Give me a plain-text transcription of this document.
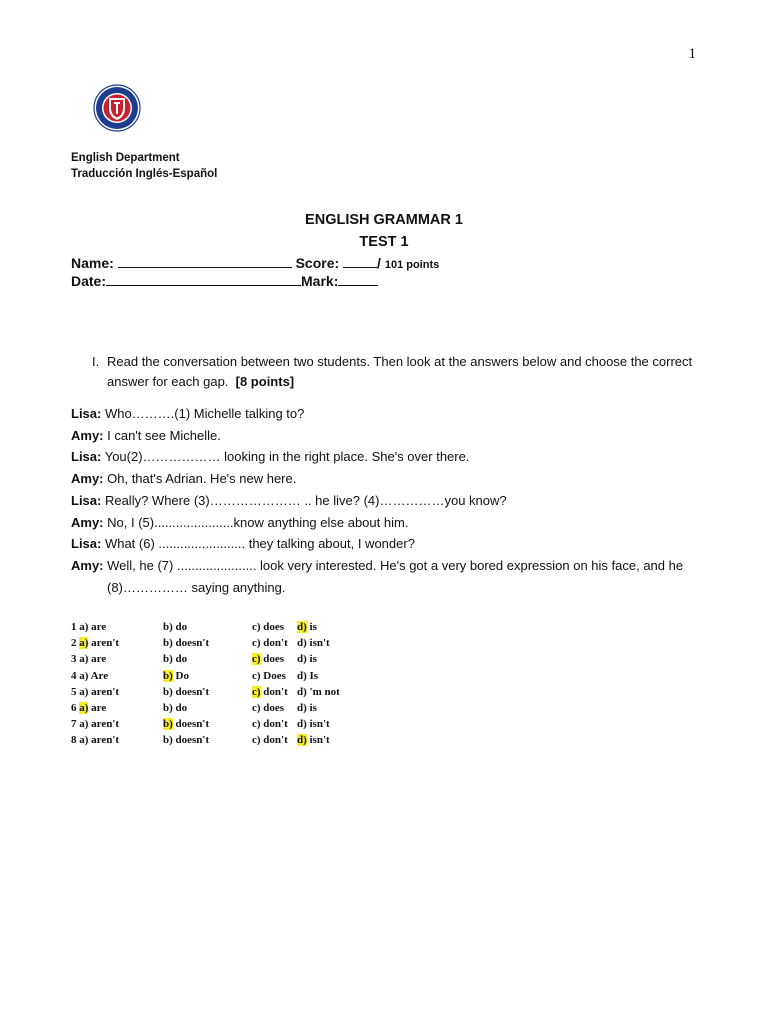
1
English Department
Traducción Inglés-Español
ENGLISH GRAMMAR 1
TEST 1
Name:	Score:	/ 101 points
Date:	Mark:
I. Read the conversation between two students. Then look at the answers below and choose the correct answer for each gap. [8 points]
Lisa: Who……….(1) Michelle talking to?
Amy: I can't see Michelle.
Lisa: You(2)……………… looking in the right place. She's over there.
Amy: Oh, that's Adrian. He's new here.
Lisa: Really? Where (3)………………… .. he live? (4)……………you know?
Amy: No, I (5)......................know anything else about him.
Lisa: What (6) ........................ they talking about, I wonder?
Amy: Well, he (7) ...................... look very interested. He's got a very bored expression on his face, and he (8)…………… saying anything.
1 a) are	b) do	c) does d) is
2 a) aren't	b) doesn't	c) don't d) isn't
3 a) are	b) do	c) does d) is
4 a) Are	b) Do	c) Does d) Is
5 a) aren't	b) doesn't	c) don't d) 'm not
6 a) are	b) do	c) does d) is
7 a) aren't	b) doesn't	c) don't d) isn't
8 a) aren't	b) doesn't	c) don't d) isn't
